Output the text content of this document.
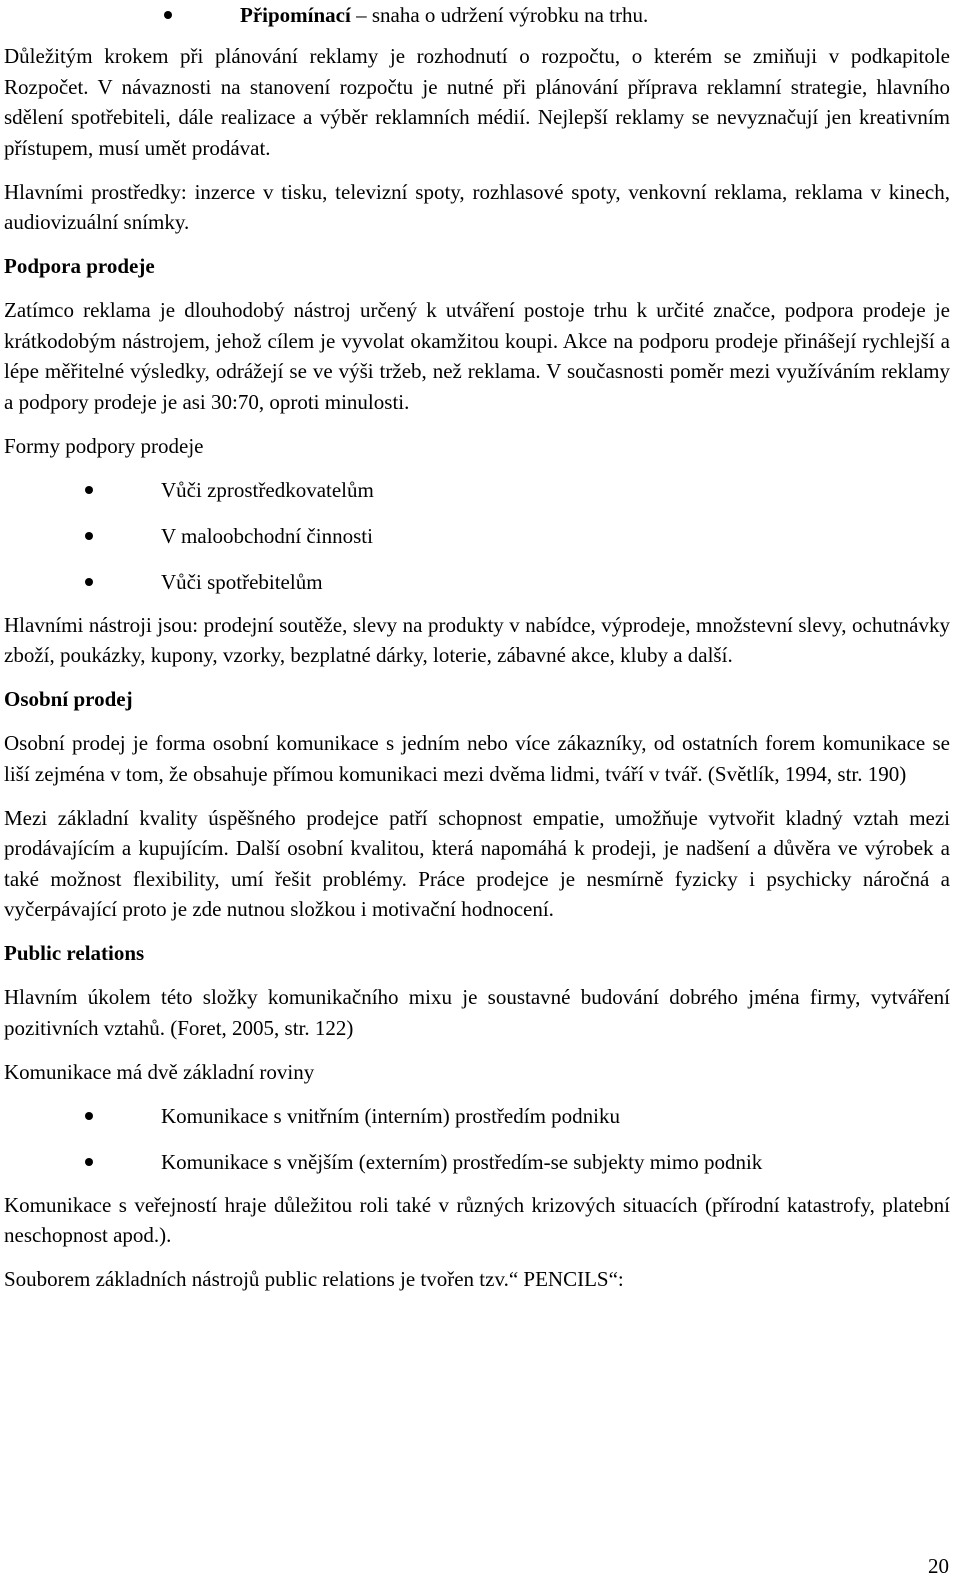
Připomínací – snaha o udržení výrobku na trhu.

Důležitým krokem při plánování reklamy je rozhodnutí o rozpočtu, o kterém se zmiňuji v podkapitole Rozpočet. V návaznosti na stanovení rozpočtu je nutné při plánování příprava reklamní strategie, hlavního sdělení spotřebiteli, dále realizace a výběr reklamních médií. Nejlepší reklamy se nevyznačují jen kreativním přístupem, musí umět prodávat.

Hlavními prostředky: inzerce v tisku, televizní spoty, rozhlasové spoty, venkovní reklama, reklama v kinech, audiovizuální snímky.

Podpora prodeje

Zatímco reklama je dlouhodobý nástroj určený k utváření postoje trhu k určité značce, podpora prodeje je krátkodobým nástrojem, jehož cílem je vyvolat okamžitou koupi. Akce na podporu prodeje přinášejí rychlejší a lépe měřitelné výsledky, odrážejí se ve výši tržeb, než reklama. V současnosti poměr mezi využíváním reklamy a podpory prodeje je asi 30:70, oproti minulosti.

Formy podpory prodeje

Vůči zprostředkovatelům
V maloobchodní činnosti
Vůči spotřebitelům

Hlavními nástroji jsou: prodejní soutěže, slevy na produkty v nabídce, výprodeje, množstevní slevy, ochutnávky zboží, poukázky, kupony, vzorky, bezplatné dárky, loterie, zábavné akce, kluby a další.

Osobní prodej

Osobní prodej je forma osobní komunikace s jedním nebo více zákazníky, od ostatních forem komunikace se liší zejména v tom, že obsahuje přímou komunikaci mezi dvěma lidmi, tváří v tvář. (Světlík, 1994, str. 190)

Mezi základní kvality úspěšného prodejce patří schopnost empatie, umožňuje vytvořit kladný vztah mezi prodávajícím a kupujícím. Další osobní kvalitou, která napomáhá k prodeji, je nadšení a důvěra ve výrobek a také možnost flexibility, umí řešit problémy. Práce prodejce je nesmírně fyzicky i psychicky náročná a vyčerpávající proto je zde nutnou složkou i motivační hodnocení.

Public relations

Hlavním úkolem této složky komunikačního mixu je soustavné budování dobrého jména firmy, vytváření pozitivních vztahů. (Foret, 2005, str. 122)

Komunikace má dvě základní roviny

Komunikace s vnitřním (interním) prostředím podniku
Komunikace s vnějším (externím) prostředím-se subjekty mimo podnik

Komunikace s veřejností hraje důležitou roli také v různých krizových situacích (přírodní katastrofy, platební neschopnost apod.).

Souborem základních nástrojů public relations je tvořen tzv.“ PENCILS“:

20
